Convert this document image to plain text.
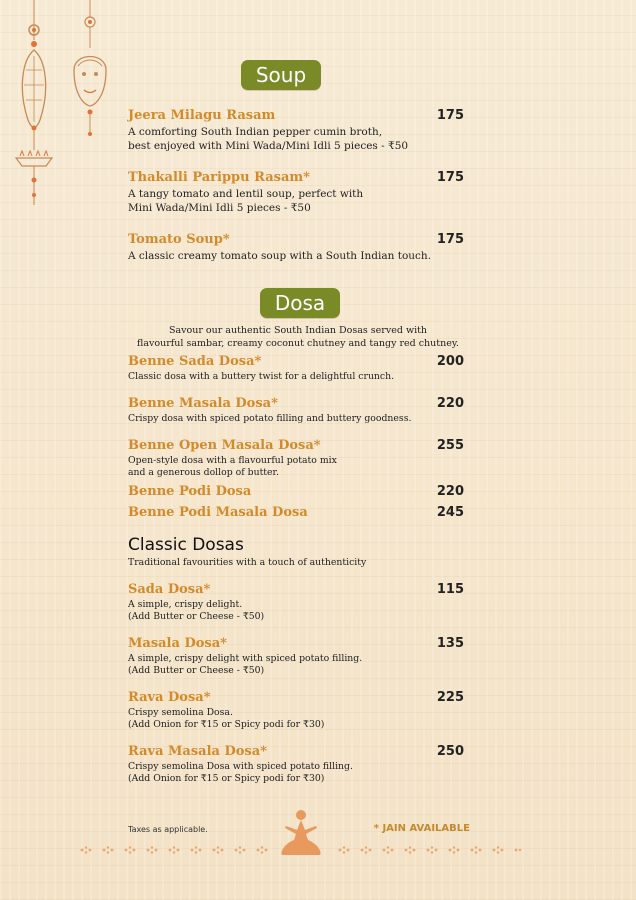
Soup
Jeera Milagu Rasam	175
A comforting South Indian pepper cumin broth,
best enjoyed with Mini Wada/Mini Idli 5 pieces - ₹50
Thakalli Parippu Rasam*	175
A tangy tomato and lentil soup, perfect with
Mini Wada/Mini Idli 5 pieces - ₹50
Tomato Soup*	175
A classic creamy tomato soup with a South Indian touch.
Dosa
Savour our authentic South Indian Dosas served with
flavourful sambar, creamy coconut chutney and tangy red chutney.
Benne Sada Dosa*	200
Classic dosa with a buttery twist for a delightful crunch.
Benne Masala Dosa*	220
Crispy dosa with spiced potato filling and buttery goodness.
Benne Open Masala Dosa*	255
Open-style dosa with a flavourful potato mix
and a generous dollop of butter.
Benne Podi Dosa	220
Benne Podi Masala Dosa	245
Classic Dosas
Traditional favourities with a touch of authenticity
Sada Dosa*	115
A simple, crispy delight.
(Add Butter or Cheese - ₹50)
Masala Dosa*	135
A simple, crispy delight with spiced potato filling.
(Add Butter or Cheese - ₹50)
Rava Dosa*	225
Crispy semolina Dosa.
(Add Onion for ₹15 or Spicy podi for ₹30)
Rava Masala Dosa*	250
Crispy semolina Dosa with spiced potato filling.
(Add Onion for ₹15 or Spicy podi for ₹30)
Taxes as applicable.	* JAIN AVAILABLE
